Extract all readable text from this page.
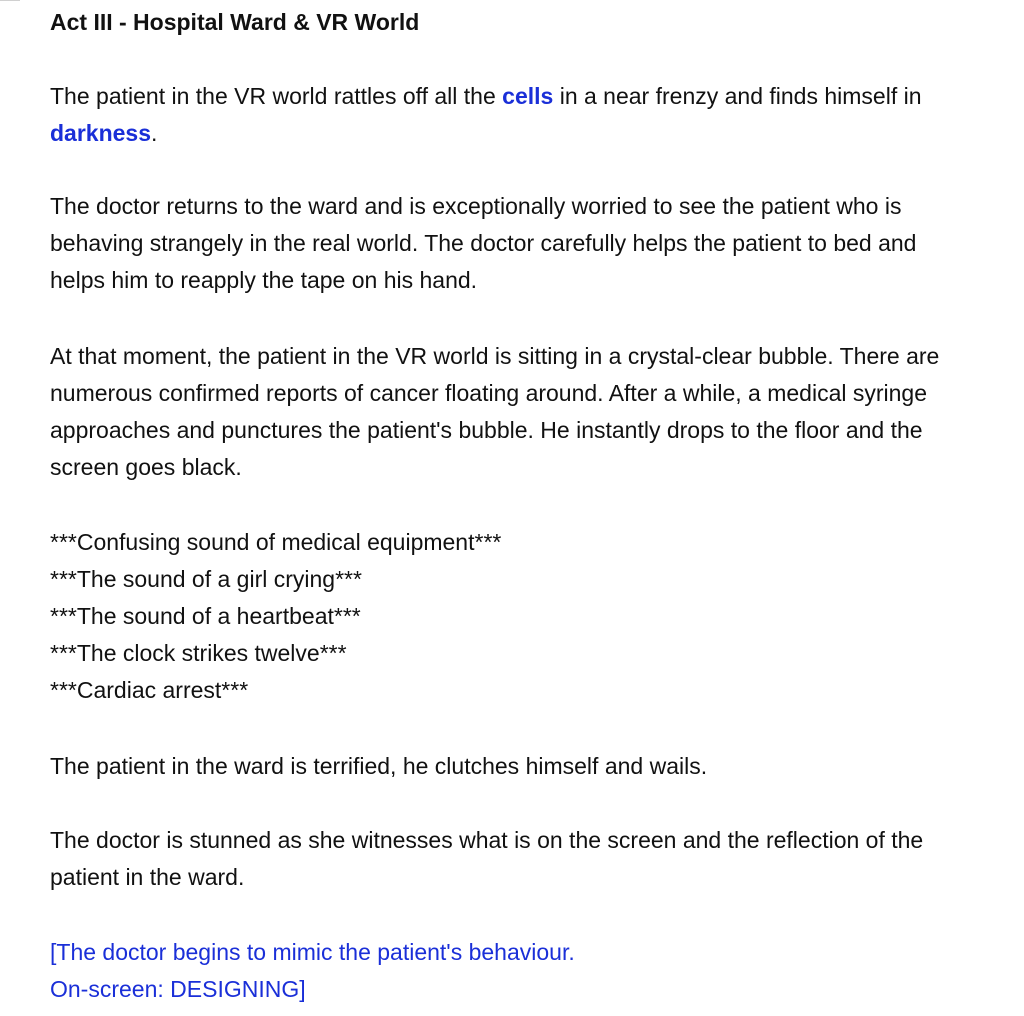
Act III - Hospital Ward & VR World

The patient in the VR world rattles off all the cells in a near frenzy and finds himself in
darkness.

The doctor returns to the ward and is exceptionally worried to see the patient who is
behaving strangely in the real world. The doctor carefully helps the patient to bed and
helps him to reapply the tape on his hand.

At that moment, the patient in the VR world is sitting in a crystal-clear bubble. There are
numerous confirmed reports of cancer floating around. After a while, a medical syringe
approaches and punctures the patient's bubble. He instantly drops to the floor and the
screen goes black.

***Confusing sound of medical equipment***
***The sound of a girl crying***
***The sound of a heartbeat***
***The clock strikes twelve***
***Cardiac arrest***

The patient in the ward is terrified, he clutches himself and wails.

The doctor is stunned as she witnesses what is on the screen and the reflection of the
patient in the ward.

[The doctor begins to mimic the patient's behaviour.
On-screen: DESIGNING]
